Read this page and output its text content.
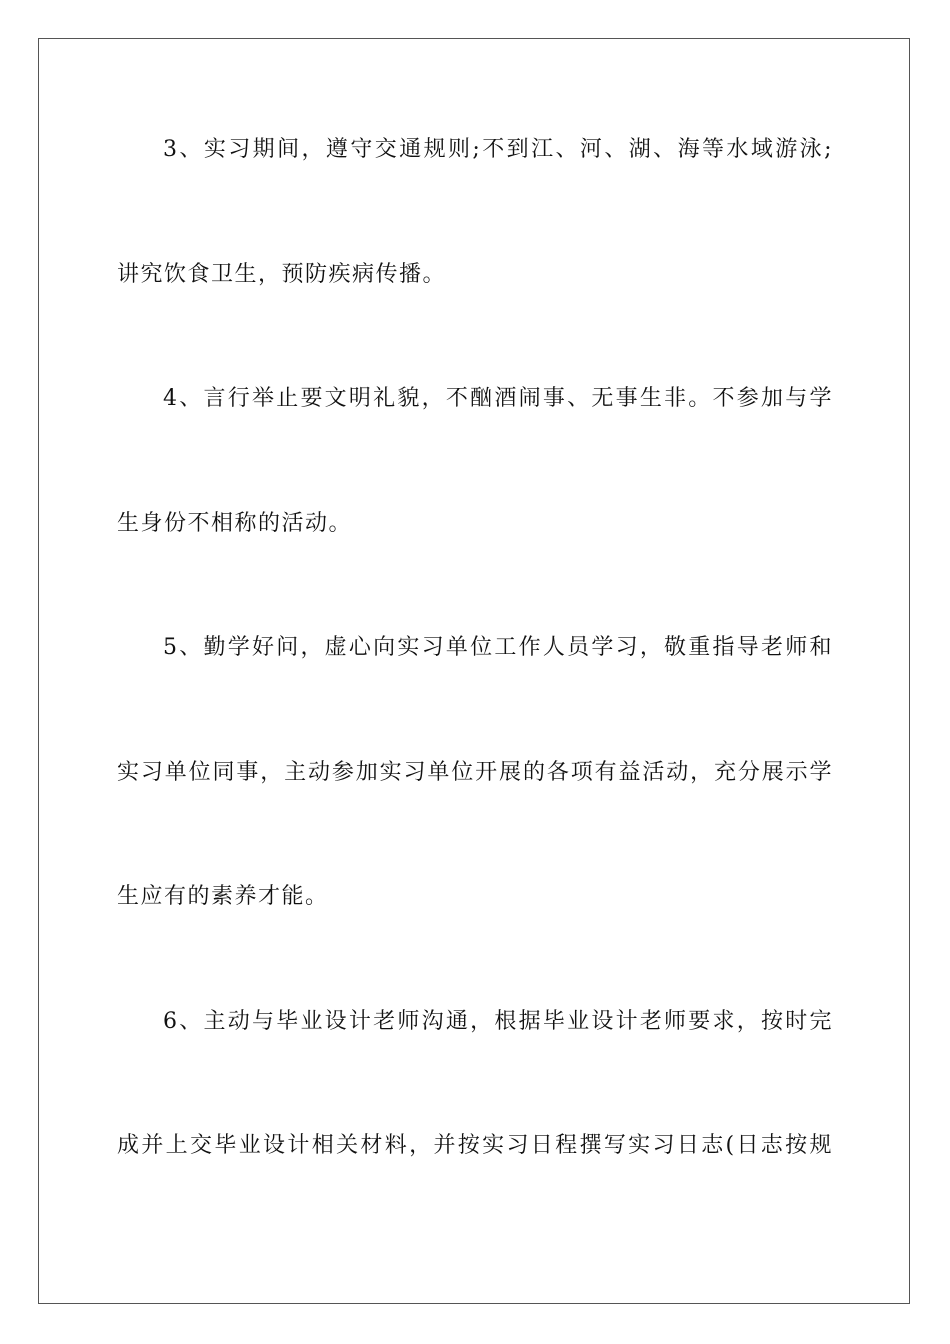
3、实习期间，遵守交通规则;不到江、河、湖、海等水域游泳;
讲究饮食卫生，预防疾病传播。
4、言行举止要文明礼貌，不酗酒闹事、无事生非。不参加与学
生身份不相称的活动。
5、勤学好问，虚心向实习单位工作人员学习，敬重指导老师和
实习单位同事，主动参加实习单位开展的各项有益活动，充分展示学
生应有的素养才能。
6、主动与毕业设计老师沟通，根据毕业设计老师要求，按时完
成并上交毕业设计相关材料，并按实习日程撰写实习日志(日志按规
